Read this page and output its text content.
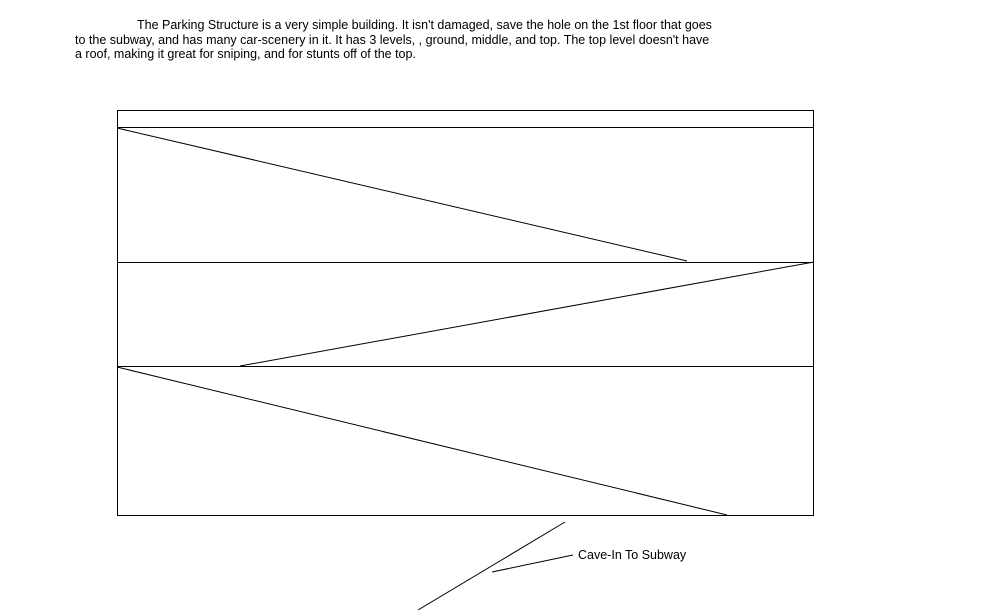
The Parking Structure is a very simple building. It isn't damaged, save the hole on the 1st floor that goes to the subway, and has many car-scenery in it. It has 3 levels, , ground, middle, and top. The top level doesn't have a roof, making it great for sniping, and for stunts off of the top.
Cave-In To Subway
